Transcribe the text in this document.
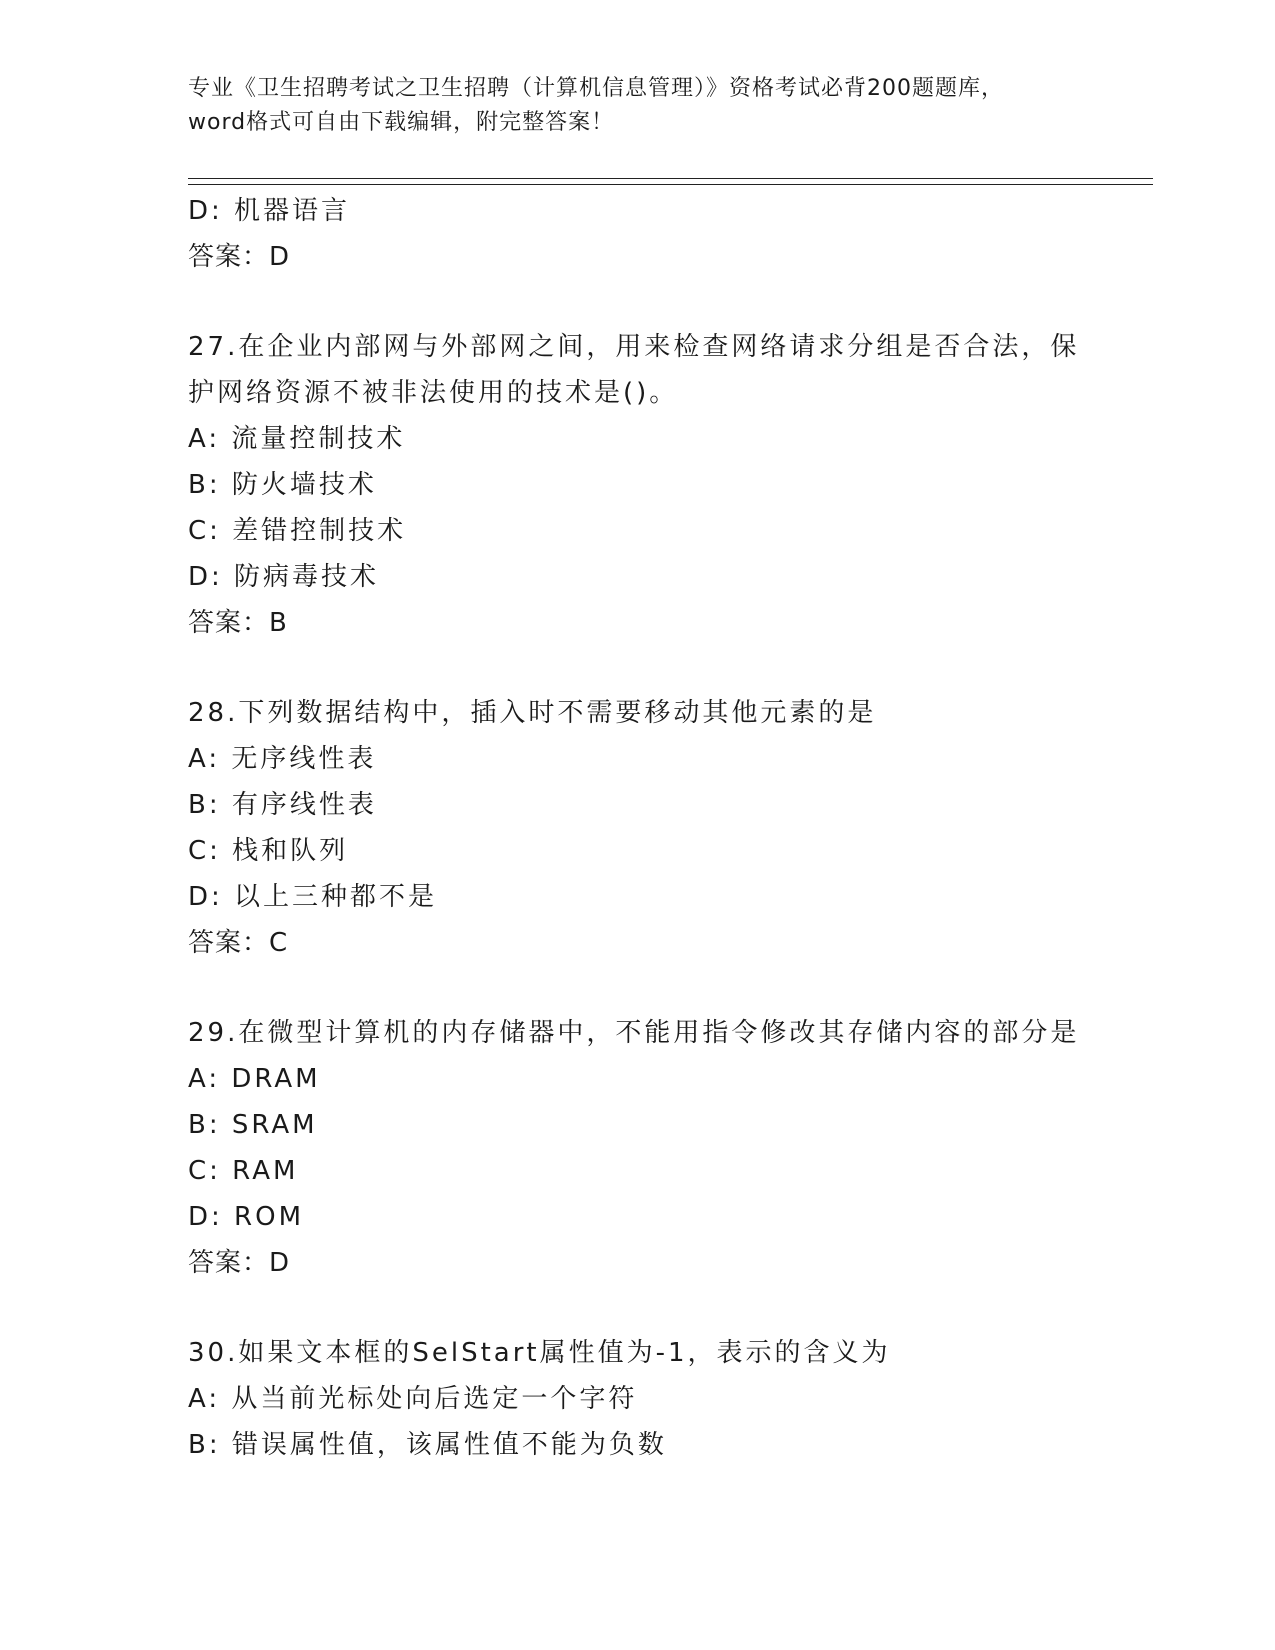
专业《卫生招聘考试之卫生招聘（计算机信息管理）》资格考试必背200题题库，
word格式可自由下载编辑，附完整答案！
D: 机器语言
答案：D
27.在企业内部网与外部网之间，用来检查网络请求分组是否合法，保
护网络资源不被非法使用的技术是()。
A: 流量控制技术
B: 防火墙技术
C: 差错控制技术
D: 防病毒技术
答案：B
28.下列数据结构中，插入时不需要移动其他元素的是
A: 无序线性表
B: 有序线性表
C: 栈和队列
D: 以上三种都不是
答案：C
29.在微型计算机的内存储器中，不能用指令修改其存储内容的部分是
A: DRAM
B: SRAM
C: RAM
D: ROM
答案：D
30.如果文本框的SelStart属性值为-1，表示的含义为
A: 从当前光标处向后选定一个字符
B: 错误属性值，该属性值不能为负数
